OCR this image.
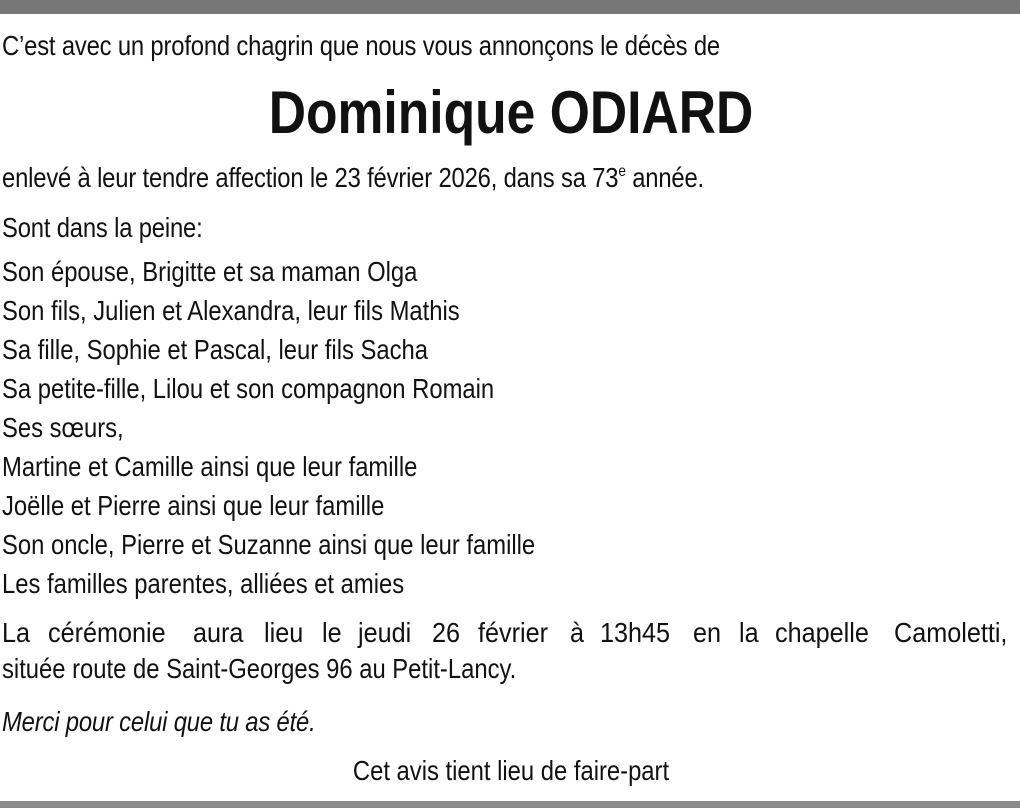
C’est avec un profond chagrin que nous vous annonçons le décès de
Dominique ODIARD
enlevé à leur tendre affection le 23 février 2026, dans sa 73e année.
Sont dans la peine:
Son épouse, Brigitte et sa maman Olga
Son fils, Julien et Alexandra, leur fils Mathis
Sa fille, Sophie et Pascal, leur fils Sacha
Sa petite-fille, Lilou et son compagnon Romain
Ses sœurs,
Martine et Camille ainsi que leur famille
Joëlle et Pierre ainsi que leur famille
Son oncle, Pierre et Suzanne ainsi que leur famille
Les familles parentes, alliées et amies
La cérémonie aura lieu le jeudi 26 février à 13h45 en la chapelle Camoletti,
située route de Saint-Georges 96 au Petit-Lancy.
Merci pour celui que tu as été.
Cet avis tient lieu de faire-part
